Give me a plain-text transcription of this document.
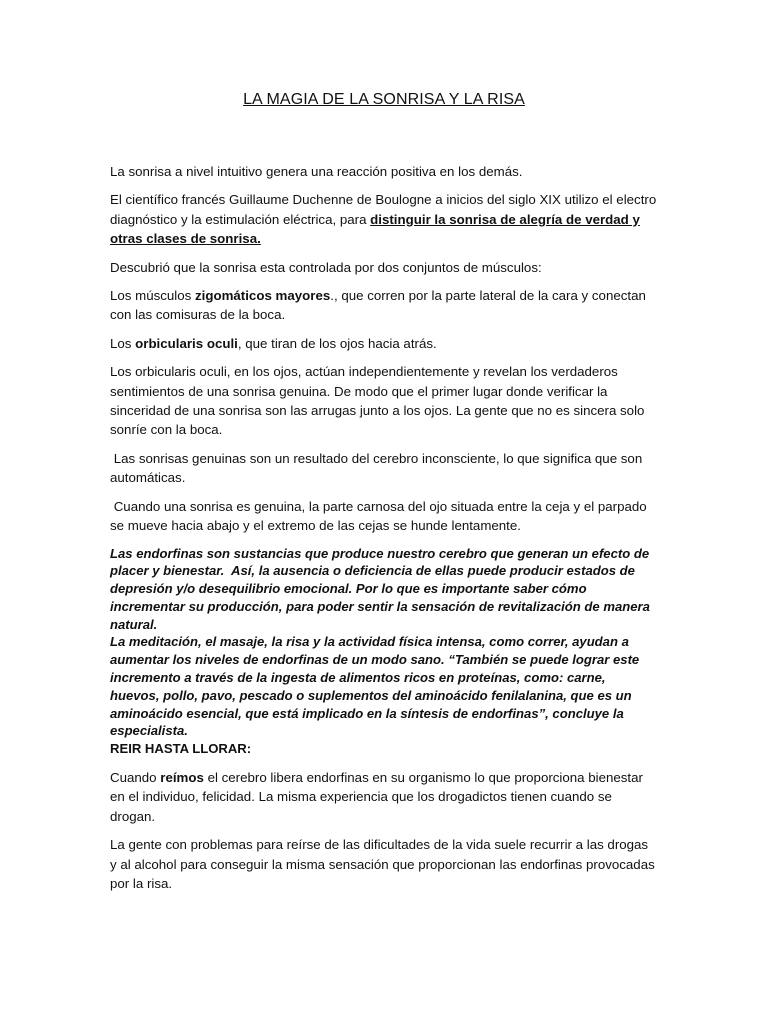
LA MAGIA DE LA SONRISA Y LA RISA

La sonrisa a nivel intuitivo genera una reacción positiva en los demás.

El científico francés Guillaume Duchenne de Boulogne a inicios del siglo XIX utilizo el electro diagnóstico y la estimulación eléctrica, para distinguir la sonrisa de alegría de verdad y otras clases de sonrisa.

Descubrió que la sonrisa esta controlada por dos conjuntos de músculos:

Los músculos zigomáticos mayores., que corren por la parte lateral de la cara y conectan con las comisuras de la boca.

Los orbicularis oculi, que tiran de los ojos hacia atrás.

Los orbicularis oculi, en los ojos, actúan independientemente y revelan los verdaderos sentimientos de una sonrisa genuina. De modo que el primer lugar donde verificar la sinceridad de una sonrisa son las arrugas junto a los ojos. La gente que no es sincera solo sonríe con la boca.

Las sonrisas genuinas son un resultado del cerebro inconsciente, lo que significa que son automáticas.

Cuando una sonrisa es genuina, la parte carnosa del ojo situada entre la ceja y el parpado se mueve hacia abajo y el extremo de las cejas se hunde lentamente.

Las endorfinas son sustancias que produce nuestro cerebro que generan un efecto de placer y bienestar.  Así, la ausencia o deficiencia de ellas puede producir estados de depresión y/o desequilibrio emocional. Por lo que es importante saber cómo incrementar su producción, para poder sentir la sensación de revitalización de manera natural.
La meditación, el masaje, la risa y la actividad física intensa, como correr, ayudan a aumentar los niveles de endorfinas de un modo sano. “También se puede lograr este incremento a través de la ingesta de alimentos ricos en proteínas, como: carne, huevos, pollo, pavo, pescado o suplementos del aminoácido fenilalanina, que es un aminoácido esencial, que está implicado en la síntesis de endorfinas”, concluye la especialista.
REIR HASTA LLORAR:

Cuando reímos el cerebro libera endorfinas en su organismo lo que proporciona bienestar en el individuo, felicidad. La misma experiencia que los drogadictos tienen cuando se drogan.

La gente con problemas para reírse de las dificultades de la vida suele recurrir a las drogas y al alcohol para conseguir la misma sensación que proporcionan las endorfinas provocadas por la risa.
